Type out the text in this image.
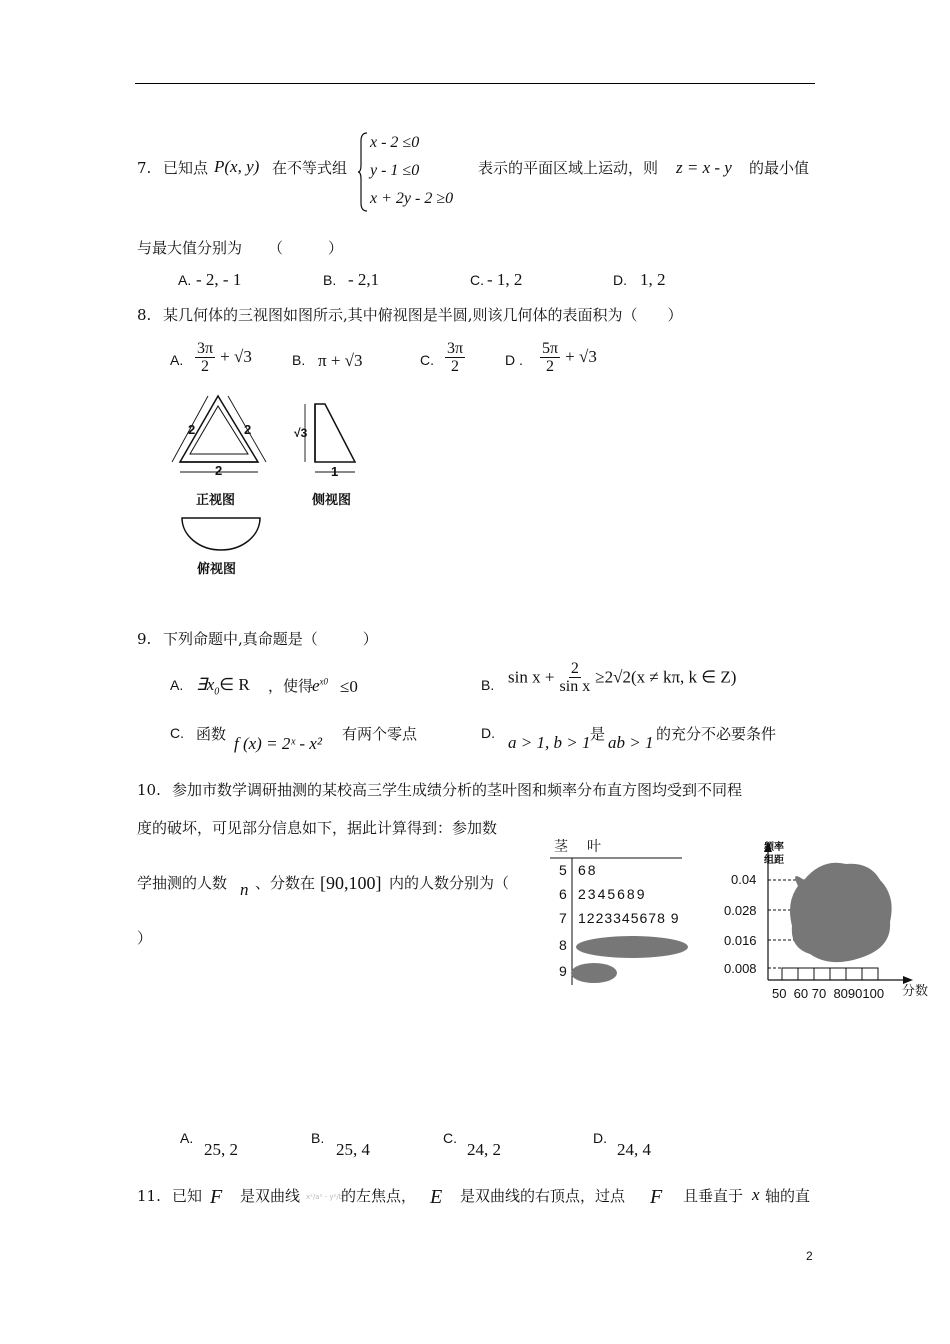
7. 已知点 P(x, y) 在不等式组
x - 2 ≤0
y - 1 ≤0
x + 2y - 2 ≥0
表示的平面区域上运动，则 z = x - y 的最小值
与最大值分别为 （　　　）
A. - 2, - 1	B. - 2,1	C. - 1, 2	D. 1, 2
8. 某几何体的三视图如图所示,其中俯视图是半圆,则该几何体的表面积为（　　）
A. $\frac{3\pi}{2} + √3$	B. π + √3	C. $\frac{3\pi}{2}$	D . $\frac{5\pi}{2} + √3$
2	2
2
√3
1
正视图	侧视图
俯视图
9. 下列命题中,真命题是（　　　）
A. $\exists x_0\in$ R ，使得
$e^{x0} \le 0$	B. $\sin x + \frac{2}{\text{sin x}} \ge 2√2(x \ne k\pi$, k ∈ Z)
C. 函数 f (x) = 2ˣ - x² 有两个零点	D. a > 1, b > 1 是 ab > 1 的充分不必要条件
10. 参加市数学调研抽测的某校高三学生成绩分析的茎叶图和频率分布直方图均受到不同程
度的破坏，可见部分信息如下，据此计算得到：参加数
学抽测的人数 n 、分数在 [90,100] 内的人数分别为（
）
茎 叶
5 68
6 2345689
7 1223345678 9
8
9
频率
组距
0.04
0.028
0.016
0.008
50  60 70  8090100 分数
A.
25, 2
B.
25, 4
C.
24, 2
D.
24, 4
11. 已知 F 是双曲线 x²/a² - y²/b²
的左焦点， E 是双曲线的右顶点，过点 F 且垂直于 x 轴的直
2
